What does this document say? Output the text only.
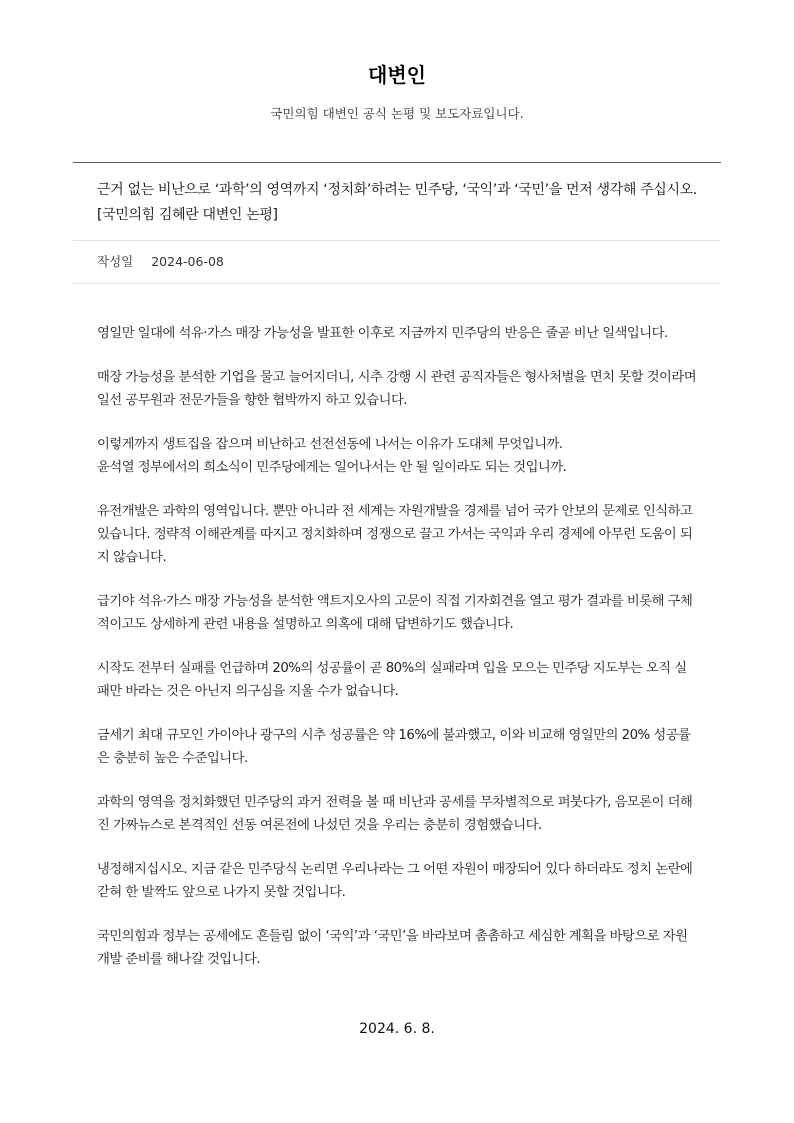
대변인
국민의힘 대변인 공식 논평 및 보도자료입니다.
근거 없는 비난으로 ‘과학’의 영역까지 ‘정치화’하려는 민주당, ‘국익’과 ‘국민’을 먼저 생각해 주십시오. [국민의힘 김혜란 대변인 논평]
작성일 2024-06-08

영일만 일대에 석유·가스 매장 가능성을 발표한 이후로 지금까지 민주당의 반응은 줄곧 비난 일색입니다.

매장 가능성을 분석한 기업을 물고 늘어지더니, 시추 강행 시 관련 공직자들은 형사처벌을 면치 못할 것이라며 일선 공무원과 전문가들을 향한 협박까지 하고 있습니다.

이렇게까지 생트집을 잡으며 비난하고 선전선동에 나서는 이유가 도대체 무엇입니까.
윤석열 정부에서의 희소식이 민주당에게는 일어나서는 안 될 일이라도 되는 것입니까.

유전개발은 과학의 영역입니다. 뿐만 아니라 전 세계는 자원개발을 경제를 넘어 국가 안보의 문제로 인식하고 있습니다. 정략적 이해관계를 따지고 정치화하며 정쟁으로 끌고 가서는 국익과 우리 경제에 아무런 도움이 되지 않습니다.

급기야 석유·가스 매장 가능성을 분석한 액트지오사의 고문이 직접 기자회견을 열고 평가 결과를 비롯해 구체적이고도 상세하게 관련 내용을 설명하고 의혹에 대해 답변하기도 했습니다.

시작도 전부터 실패를 언급하며 20%의 성공률이 곧 80%의 실패라며 입을 모으는 민주당 지도부는 오직 실패만 바라는 것은 아닌지 의구심을 지울 수가 없습니다.

금세기 최대 규모인 가이아나 광구의 시추 성공률은 약 16%에 불과했고, 이와 비교해 영일만의 20% 성공률은 충분히 높은 수준입니다.

과학의 영역을 정치화했던 민주당의 과거 전력을 볼 때 비난과 공세를 무차별적으로 퍼붓다가, 음모론이 더해진 가짜뉴스로 본격적인 선동 여론전에 나섰던 것을 우리는 충분히 경험했습니다.

냉정해지십시오. 지금 같은 민주당식 논리면 우리나라는 그 어떤 자원이 매장되어 있다 하더라도 정치 논란에 갇혀 한 발짝도 앞으로 나가지 못할 것입니다.

국민의힘과 정부는 공세에도 흔들림 없이 ‘국익’과 ‘국민’을 바라보며 촘촘하고 세심한 계획을 바탕으로 자원개발 준비를 해나갈 것입니다.

2024. 6. 8.
